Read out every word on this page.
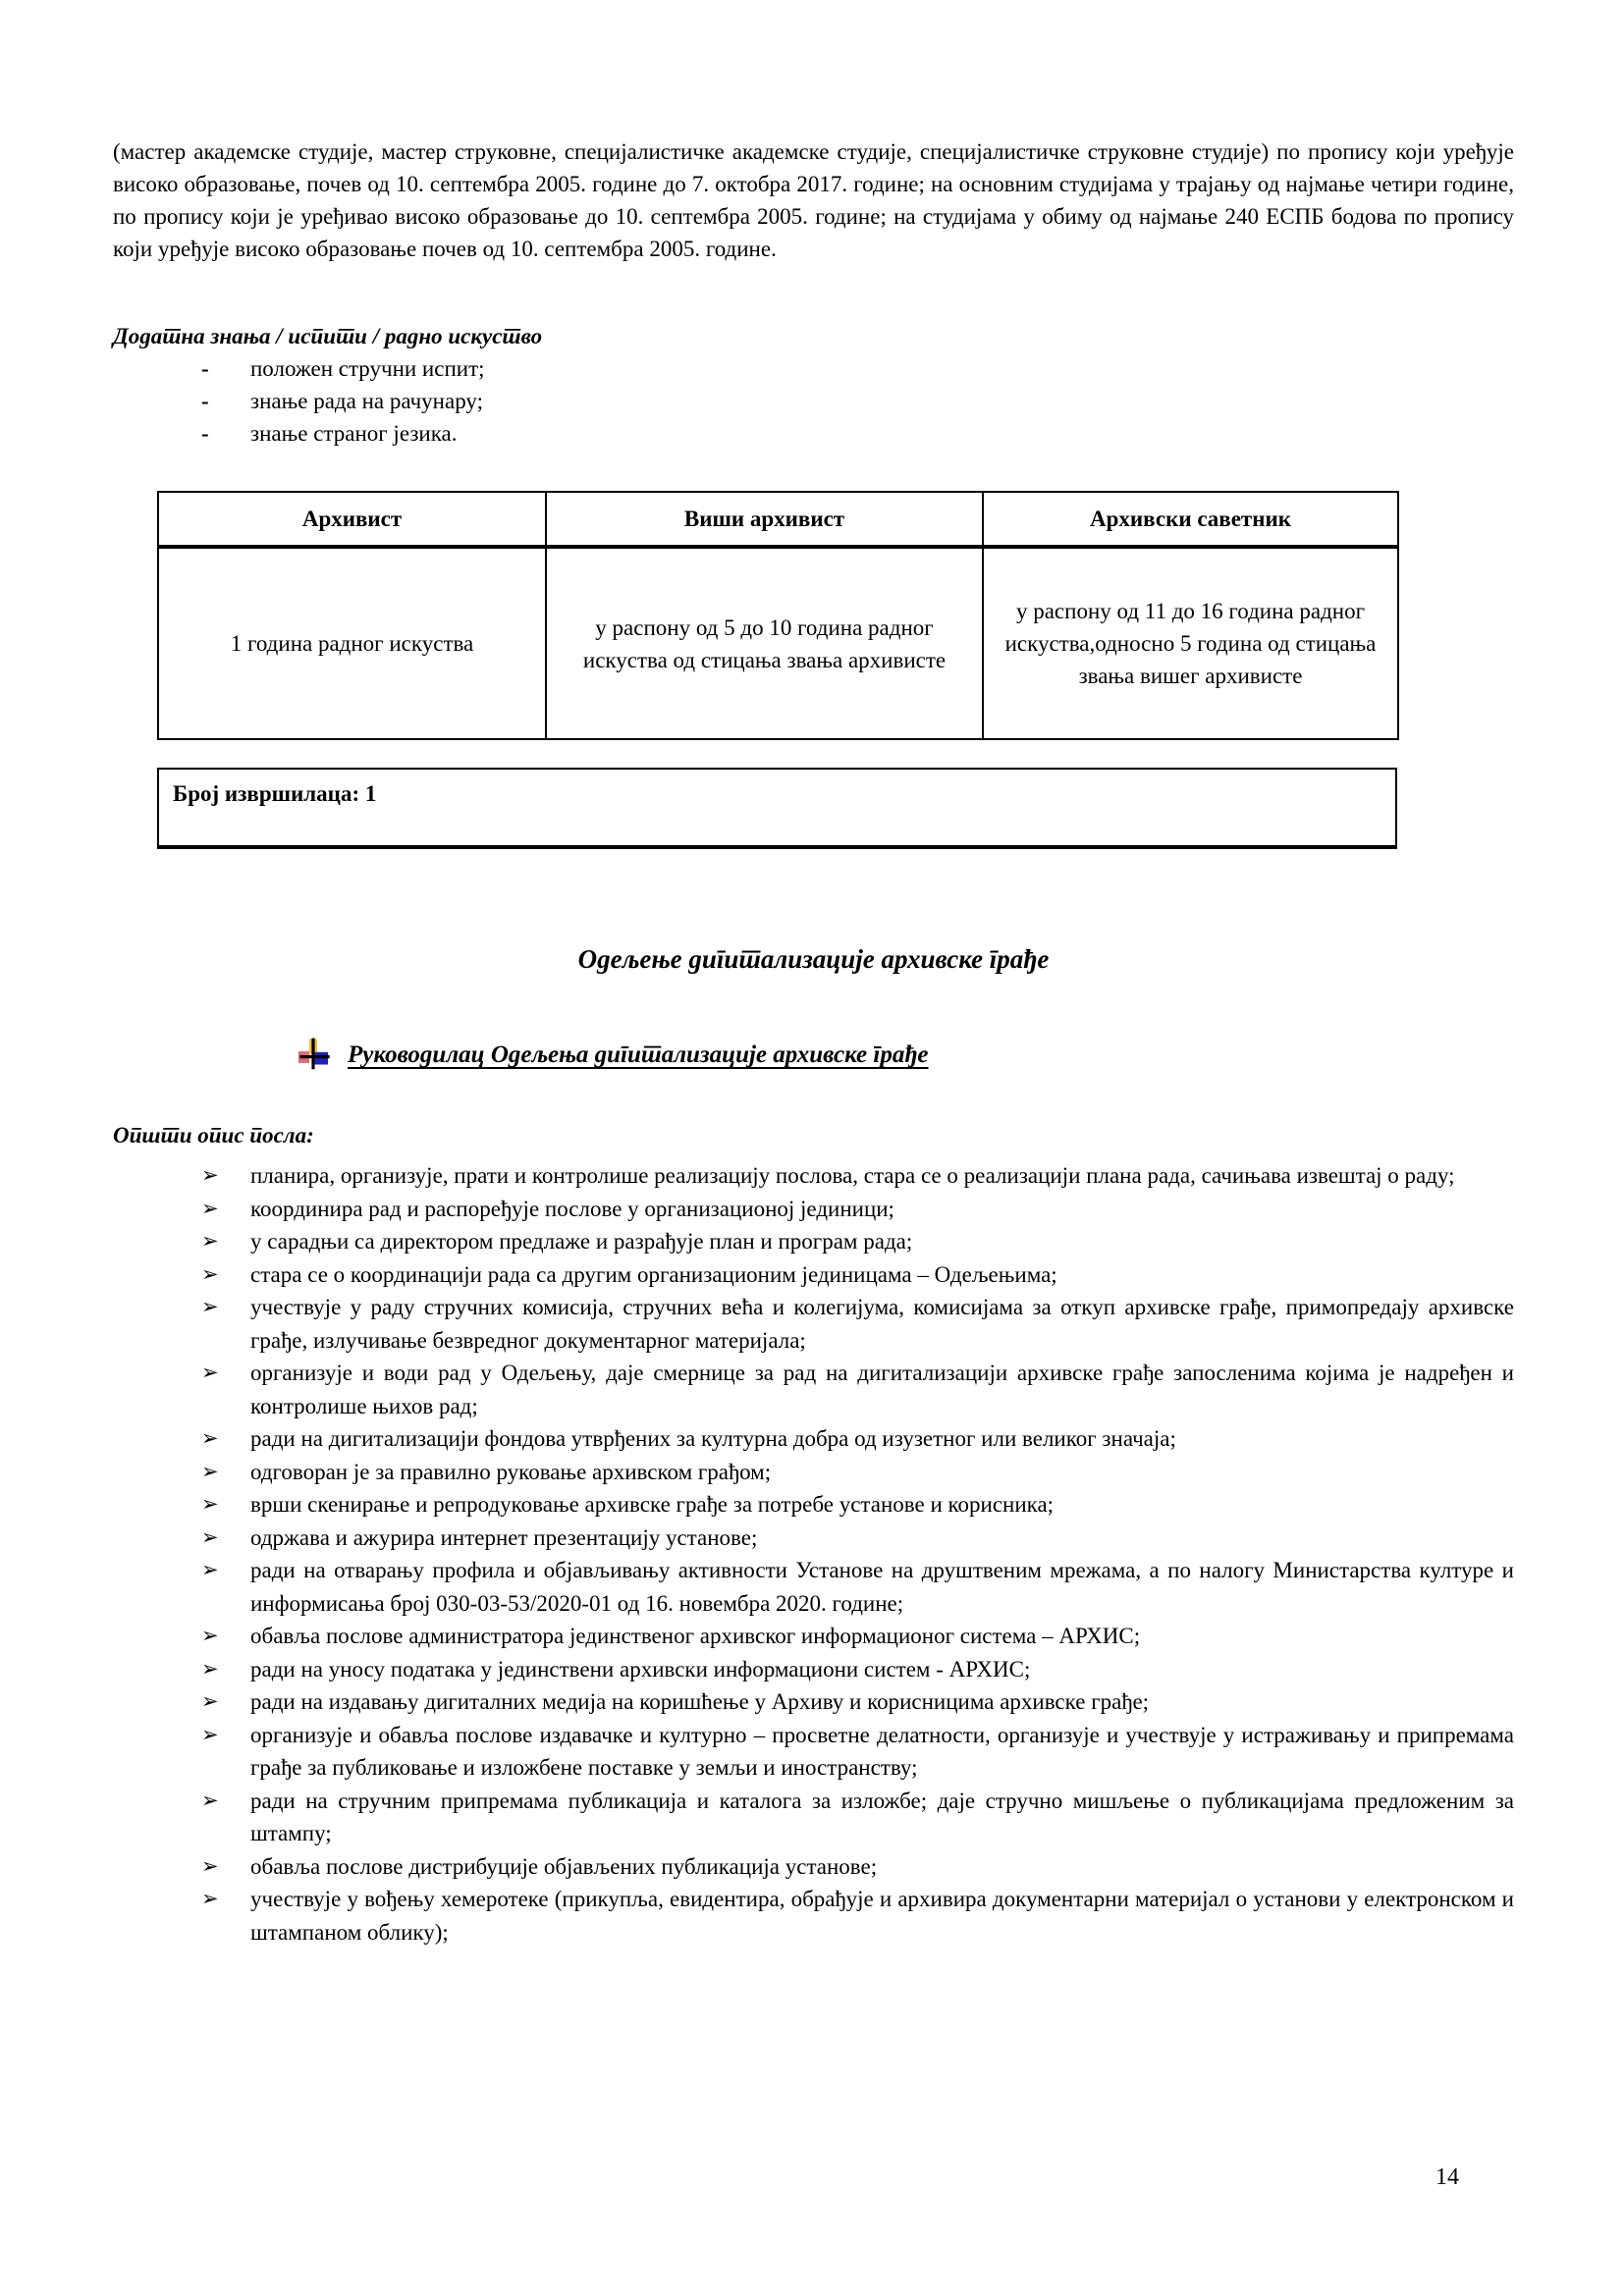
(мастер академске студије, мастер струковне, специјалистичке академске студије, специјалистичке струковне студије) по пропису који уређује високо образовање, почев од 10. септембра 2005. године до 7. октобра 2017. године; на основним студијама у трајању од најмање четири године, по пропису који је уређивао високо образовање до 10. септембра 2005. године; на студијама у обиму од најмање 240 ЕСПБ бодова по пропису који уређује високо образовање почев од 10. септембра 2005. године.

Додатна знања / испити / радно искуство
-	положен стручни испит;
-	знање рада на рачунару;
-	знање страног језика.
Архивист	Виши архивист	Архивски саветник
1 година радног искуства	у распону од 5 до 10 година радног искуства од стицања звања архивисте	у распону од 11 до 16 година радног искуства,односно 5 година од стицања звања вишег архивисте
Број извршилаца: 1
Одељење дигитализације архивске грађе
Руководилац Одељења дигитализације архивске грађе
Општи опис посла:
➢	планира, организује, прати и контролише реализацију послова, стара се о реализацији плана рада, сачињава извештај о раду;
➢	координира рад и распоређује послове у организационој јединици;
➢	у сарадњи са директором предлаже и разрађује план и програм рада;
➢	стара се о координацији рада са другим организационим јединицама – Одељењима;
➢	учествује у раду стручних комисија, стручних већа и колегијума, комисијама за откуп архивске грађе, примопредају архивске грађе, излучивање безвредног документарног материјала;
➢	организује и води рад у Одељењу, даје смернице за рад на дигитализацији архивске грађе запосленима којима је надређен и контролише њихов рад;
➢	ради на дигитализацији фондова утврђених за културна добра од изузетног или великог значаја;
➢	одговоран је за правилно руковање архивском грађом;
➢	врши скенирање и репродуковање архивске грађе за потребе установе и корисника;
➢	одржава и ажурира интернет презентацију установе;
➢	ради на отварању профила и објављивању активности Установе на друштвеним мрежама, а по налогу Министарства културе и информисања број 030-03-53/2020-01 од 16. новембра 2020. године;
➢	обавља послове администратора јединственог архивског информационог система – АРХИС;
➢	ради на уносу података у јединствени архивски информациони систем - АРХИС;
➢	ради на издавању дигиталних медија на коришћење у Архиву и корисницима архивске грађе;
➢	организује и обавља послове издавачке и културно – просветне делатности, организује и учествује у истраживању и припремама грађе за публиковање и изложбене поставке у земљи и иностранству;
➢	ради на стручним припремама публикација и каталога за изложбе; даје стручно мишљење о публикацијама предложеним за штампу;
➢	обавља послове дистрибуције објављених публикација установе;
➢	учествује у вођењу хемеротеке (прикупља, евидентира, обрађује и архивира документарни материјал о установи у електронском и штампаном облику);
14
